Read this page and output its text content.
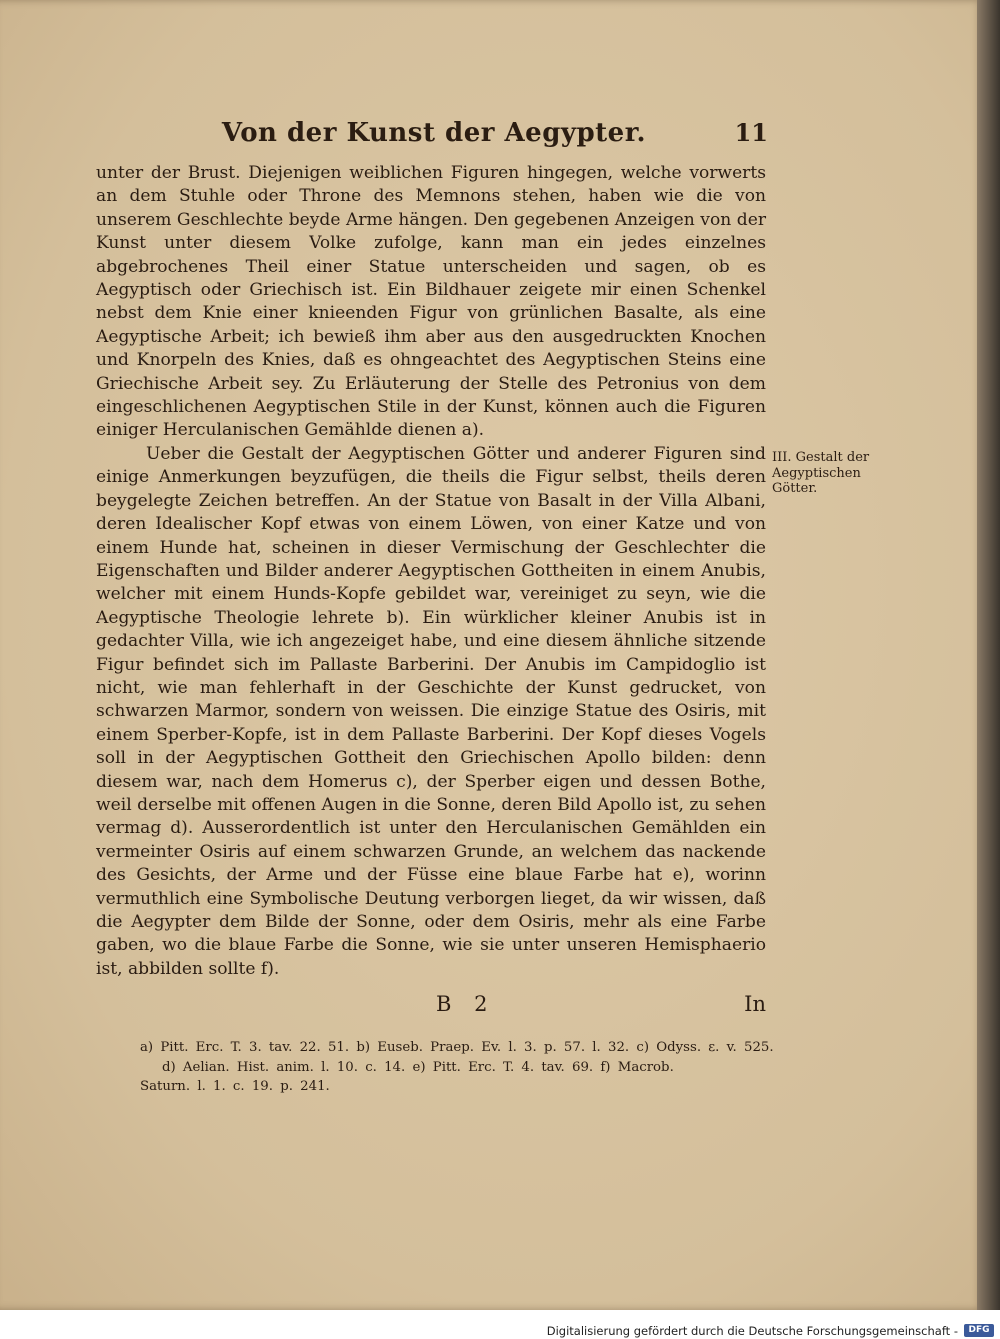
Von der Kunst der Aegypter.	11

unter der Brust. Diejenigen weiblichen Figuren hingegen, welche vorwerts an dem Stuhle oder Throne des Memnons stehen, haben wie die von unserem Geschlechte beyde Arme hängen. Den gegebenen Anzeigen von der Kunst unter diesem Volke zufolge, kann man ein jedes einzelnes abgebrochenes Theil einer Statue unterscheiden und sagen, ob es Aegyptisch oder Griechisch ist. Ein Bildhauer zeigete mir einen Schenkel nebst dem Knie einer knieenden Figur von grünlichen Basalte, als eine Aegyptische Arbeit; ich bewieß ihm aber aus den ausgedruckten Knochen und Knorpeln des Knies, daß es ohngeachtet des Aegyptischen Steins eine Griechische Arbeit sey. Zu Erläuterung der Stelle des Petronius von dem eingeschlichenen Aegyptischen Stile in der Kunst, können auch die Figuren einiger Herculanischen Gemählde dienen a).

Ueber die Gestalt der Aegyptischen Götter und anderer Figuren sind einige Anmerkungen beyzufügen, die theils die Figur selbst, theils deren beygelegte Zeichen betreffen. An der Statue von Basalt in der Villa Albani, deren Idealischer Kopf etwas von einem Löwen, von einer Katze und von einem Hunde hat, scheinen in dieser Vermischung der Geschlechter die Eigenschaften und Bilder anderer Aegyptischen Gottheiten in einem Anubis, welcher mit einem Hunds-Kopfe gebildet war, vereiniget zu seyn, wie die Aegyptische Theologie lehrete b). Ein würklicher kleiner Anubis ist in gedachter Villa, wie ich angezeiget habe, und eine diesem ähnliche sitzende Figur befindet sich im Pallaste Barberini. Der Anubis im Campidoglio ist nicht, wie man fehlerhaft in der Geschichte der Kunst gedrucket, von schwarzen Marmor, sondern von weissen. Die einzige Statue des Osiris, mit einem Sperber-Kopfe, ist in dem Pallaste Barberini. Der Kopf dieses Vogels soll in der Aegyptischen Gottheit den Griechischen Apollo bilden: denn diesem war, nach dem Homerus c), der Sperber eigen und dessen Bothe, weil derselbe mit offenen Augen in die Sonne, deren Bild Apollo ist, zu sehen vermag d). Ausserordentlich ist unter den Herculanischen Gemählden ein vermeinter Osiris auf einem schwarzen Grunde, an welchem das nackende des Gesichts, der Arme und der Füsse eine blaue Farbe hat e), worinn vermuthlich eine Symbolische Deutung verborgen lieget, da wir wissen, daß die Aegypter dem Bilde der Sonne, oder dem Osiris, mehr als eine Farbe gaben, wo die blaue Farbe die Sonne, wie sie unter unseren Hemisphaerio ist, abbilden sollte f).

III. Gestalt der Aegyptischen Götter.
B 2	In

a) Pitt. Erc. T. 3. tav. 22. 51. b) Euseb. Praep. Ev. l. 3. p. 57. l. 32. c) Odyss. ε. v. 525.

d) Aelian. Hist. anim. l. 10. c. 14. e) Pitt. Erc. T. 4. tav. 69. f) Macrob.

Saturn. l. 1. c. 19. p. 241.

Digitalisierung gefördert durch die Deutsche Forschungsgemeinschaft -	DFG
